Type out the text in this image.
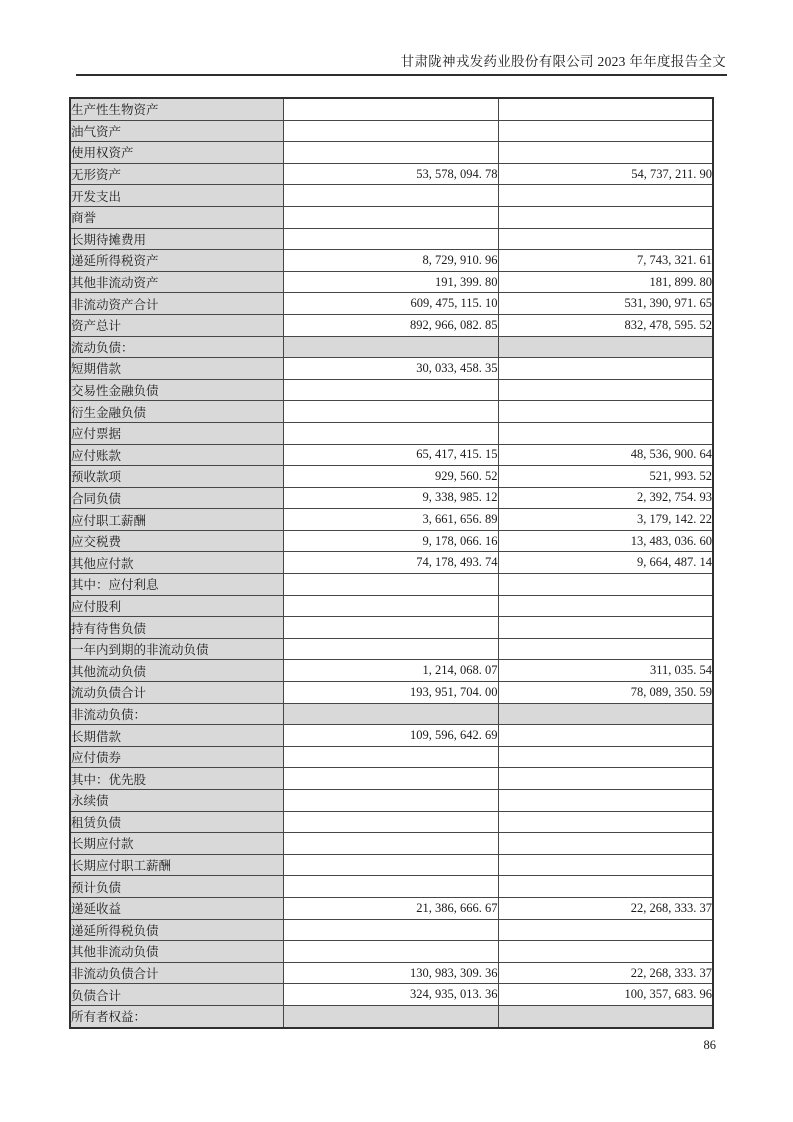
甘肃陇神戎发药业股份有限公司 2023 年年度报告全文
生产性生物资产		
油气资产		
使用权资产		
无形资产	53, 578, 094. 78	54, 737, 211. 90
开发支出		
商誉		
长期待摊费用		
递延所得税资产	8, 729, 910. 96	7, 743, 321. 61
其他非流动资产	191, 399. 80	181, 899. 80
非流动资产合计	609, 475, 115. 10	531, 390, 971. 65
资产总计	892, 966, 082. 85	832, 478, 595. 52
流动负债：		
短期借款	30, 033, 458. 35	
交易性金融负债		
衍生金融负债		
应付票据		
应付账款	65, 417, 415. 15	48, 536, 900. 64
预收款项	929, 560. 52	521, 993. 52
合同负债	9, 338, 985. 12	2, 392, 754. 93
应付职工薪酬	3, 661, 656. 89	3, 179, 142. 22
应交税费	9, 178, 066. 16	13, 483, 036. 60
其他应付款	74, 178, 493. 74	9, 664, 487. 14
其中：应付利息		
应付股利		
持有待售负债		
一年内到期的非流动负债		
其他流动负债	1, 214, 068. 07	311, 035. 54
流动负债合计	193, 951, 704. 00	78, 089, 350. 59
非流动负债：		
长期借款	109, 596, 642. 69	
应付债券		
其中：优先股		
永续债		
租赁负债		
长期应付款		
长期应付职工薪酬		
预计负债		
递延收益	21, 386, 666. 67	22, 268, 333. 37
递延所得税负债		
其他非流动负债		
非流动负债合计	130, 983, 309. 36	22, 268, 333. 37
负债合计	324, 935, 013. 36	100, 357, 683. 96
所有者权益：		
86
